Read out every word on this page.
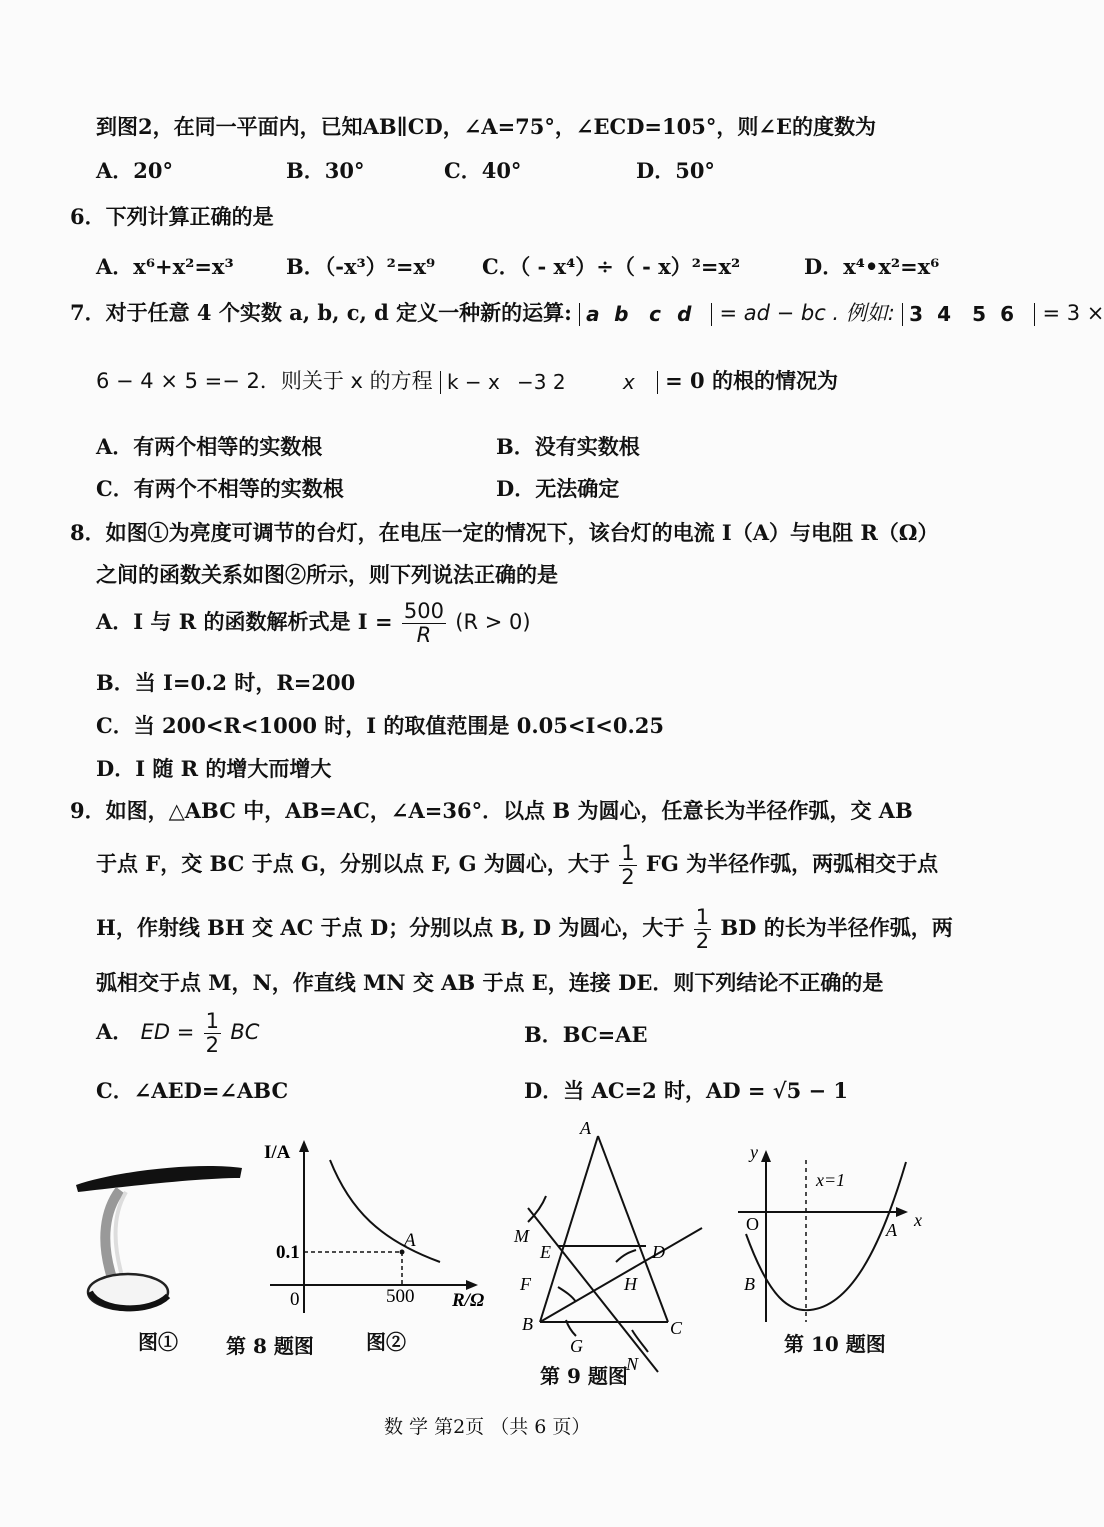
到图2，在同一平面内，已知AB∥CD，∠A=75°，∠ECD=105°，则∠E的度数为
A．20°	B．30°	C．40°	D．50°
6．下列计算正确的是
A．x⁶+x²=x³ B．（-x³）²=x⁹ C．（ - x⁴）÷（ - x）²=x²	D．x⁴•x²=x⁶
7．对于任意 4 个实数 a, b, c, d 定义一种新的运算: a b c d = ad − bc . 例如: 3 4 5 6 = 3 ×
6 − 4 × 5 =− 2．则关于 x 的方程 k − x −3 2	x = 0 的根的情况为
A．有两个相等的实数根	B．没有实数根
C．有两个不相等的实数根	D．无法确定
8．如图①为亮度可调节的台灯，在电压一定的情况下，该台灯的电流 I（A）与电阻 R（Ω）
之间的函数关系如图②所示，则下列说法正确的是
A．I 与 R 的函数解析式是 $I = \frac{500}{R} (R > 0)$
B．当 I=0.2 时，R=200
C．当 200<R<1000 时，I 的取值范围是 0.05<I<0.25
D．I 随 R 的增大而增大
9．如图，△ABC 中，AB=AC，∠A=36°．以点 B 为圆心，任意长为半径作弧，交 AB
于点 F，交 BC 于点 G，分别以点 F, G 为圆心，大于 $\frac{1}{2}$ FG 为半径作弧，两弧相交于点
H，作射线 BH 交 AC 于点 D；分别以点 B, D 为圆心，大于 $\frac{1}{2}$ BD 的长为半径作弧，两
弧相交于点 M，N，作直线 MN 交 AB 于点 E，连接 DE．则下列结论不正确的是
A． ED = $\frac{1}{2}$ BC	B．BC=AE
C．∠AED=∠ABC	D．当 AC=2 时，AD = √5 − 1
I/A
0.1
0	500 R/Ω
A
A
M
E	D
F	H
B
G
C
N
y
x
O	A
B
x=1
图① 第 8 题图	图②
第 9 题图
第 10 题图
数 学 第2页 （共 6 页）
